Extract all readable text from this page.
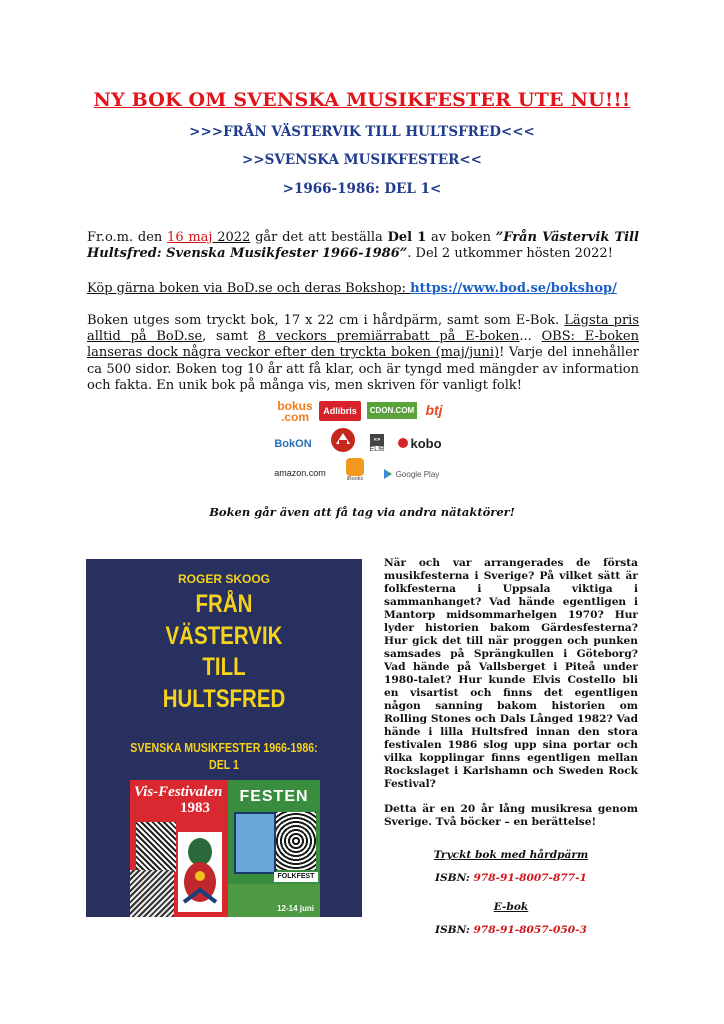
NY BOK OM SVENSKA MUSIKFESTER UTE NU!!!
>>>FRÅN VÄSTERVIK TILL HULTSFRED<<<
>>SVENSKA MUSIKFESTER<<
>1966-1986: DEL 1<
Fr.o.m. den 16 maj 2022 går det att beställa Del 1 av boken ”Från Västervik Till Hultsfred: Svenska Musikfester 1966-1986”. Del 2 utkommer hösten 2022!
Köp gärna boken via BoD.se och deras Bokshop: https://www.bod.se/bokshop/
Boken utges som tryckt bok, 17 x 22 cm i hårdpärm, samt som E-Bok. Lägsta pris alltid på BoD.se, samt 8 veckors premiärrabatt på E-boken... OBS: E-boken lanseras dock några veckor efter den tryckta boken (maj/juni)! Varje del innehåller ca 500 sidor. Boken tog 10 år att få klar, och är tyngd med mängder av information och fakta. En unik bok på många vis, men skriven för vanligt folk!
bokus
.com	Adlibris	CDON.COM btj
BokON	«»
ELIB kobo
amazon.com
iBooks
Google Play
Boken går även att få tag via andra nätaktörer!
ROGER SKOOG
FRÅN
VÄSTERVIK
TILL
HULTSFRED
SVENSKA MUSIKFESTER 1966-1986:
DEL 1
Vis-Festivalen
1983
FESTEN
FOLKFEST
12-14 juni

När och var arrangerades de första musikfesterna i Sverige? På vilket sätt är folkfesterna i Uppsala viktiga i sammanhanget? Vad hände egentligen i Mantorp midsommarhelgen 1970? Hur lyder historien bakom Gärdesfesterna? Hur gick det till när proggen och punken samsades på Sprängkullen i Göteborg? Vad hände på Vallsberget i Piteå under 1980-talet? Hur kunde Elvis Costello bli en visartist och finns det egentligen någon sanning bakom historien om Rolling Stones och Dals Långed 1982? Vad hände i lilla Hultsfred innan den stora festivalen 1986 slog upp sina portar och vilka kopplingar finns egentligen mellan Rockslaget i Karlshamn och Sweden Rock Festival?

Detta är en 20 år lång musikresa genom Sverige. Två böcker – en berättelse!

Tryckt bok med hårdpärm

ISBN: 978-91-8007-877-1

E-bok

ISBN: 978-91-8057-050-3
